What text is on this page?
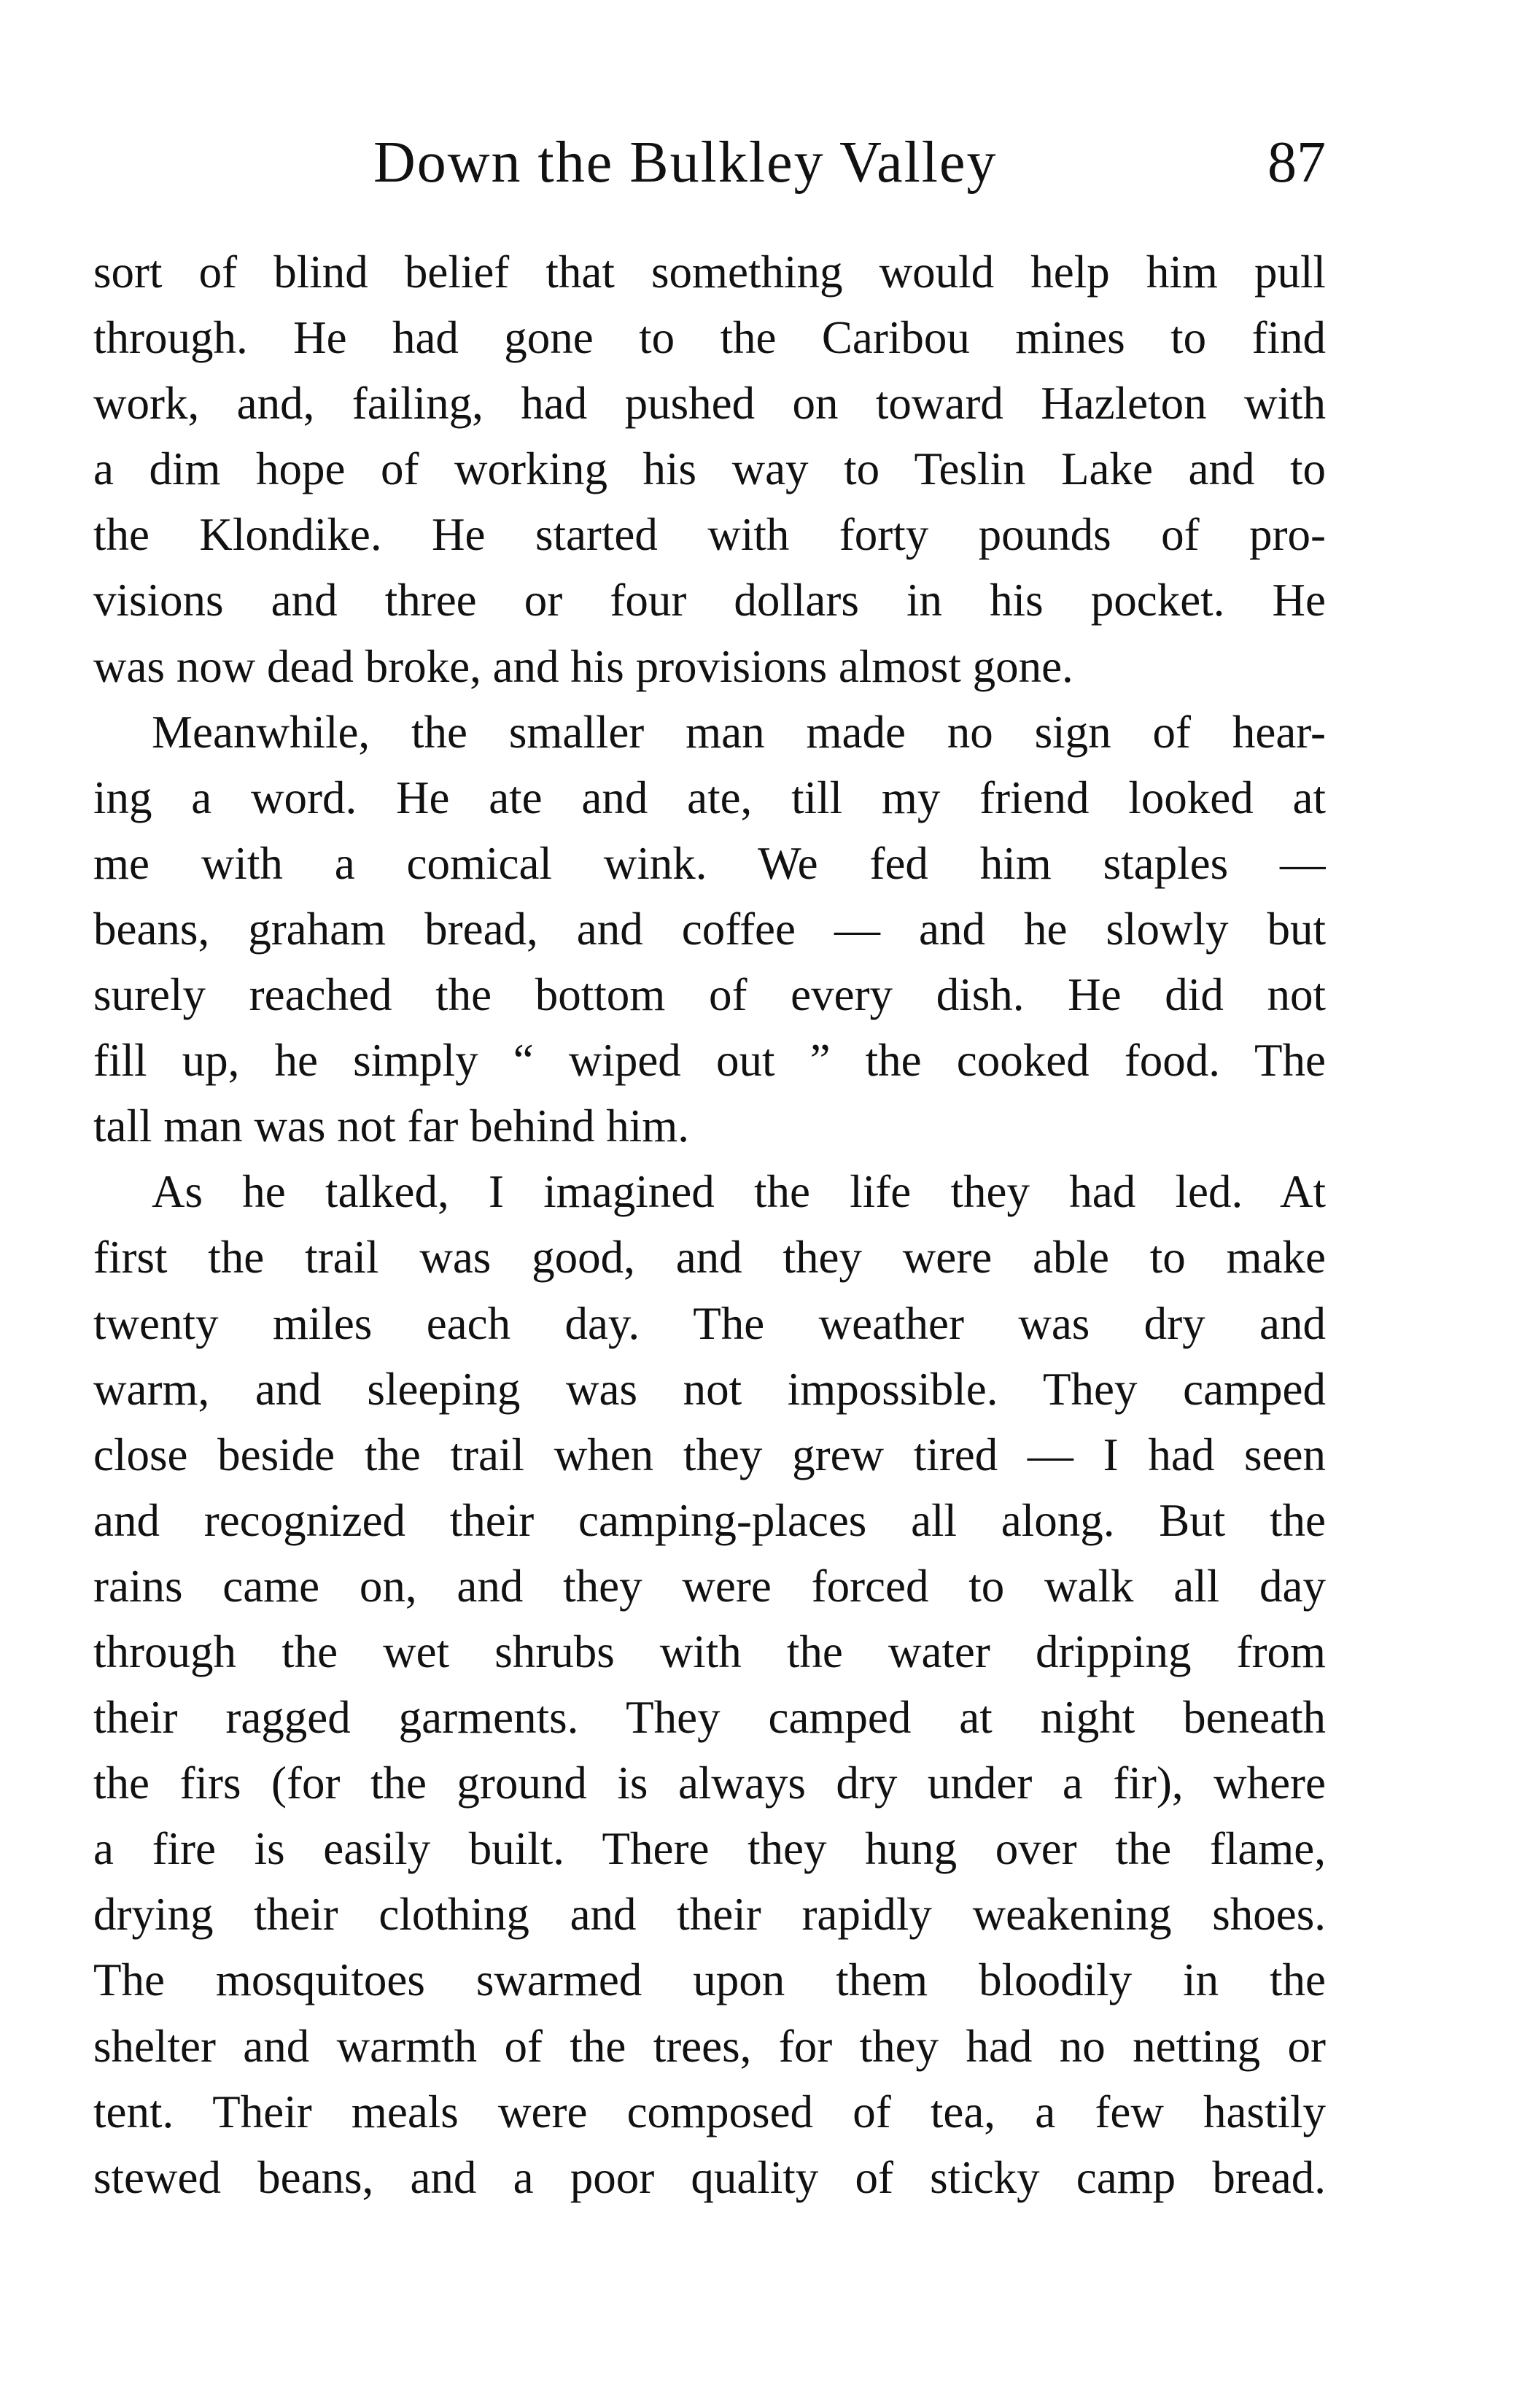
Down the Bulkley Valley	87
sort of blind belief that something would help him pull
through. He had gone to the Caribou mines to find
work, and, failing, had pushed on toward Hazleton with
a dim hope of working his way to Teslin Lake and to
the Klondike. He started with forty pounds of pro-
visions and three or four dollars in his pocket. He
was now dead broke, and his provisions almost gone.
Meanwhile, the smaller man made no sign of hear-
ing a word. He ate and ate, till my friend looked at
me with a comical wink. We fed him staples —
beans, graham bread, and coffee — and he slowly but
surely reached the bottom of every dish. He did not
fill up, he simply “ wiped out ” the cooked food. The
tall man was not far behind him.
As he talked, I imagined the life they had led. At
first the trail was good, and they were able to make
twenty miles each day. The weather was dry and
warm, and sleeping was not impossible. They camped
close beside the trail when they grew tired — I had seen
and recognized their camping-places all along. But the
rains came on, and they were forced to walk all day
through the wet shrubs with the water dripping from
their ragged garments. They camped at night beneath
the firs (for the ground is always dry under a fir), where
a fire is easily built. There they hung over the flame,
drying their clothing and their rapidly weakening shoes.
The mosquitoes swarmed upon them bloodily in the
shelter and warmth of the trees, for they had no netting or
tent. Their meals were composed of tea, a few hastily
stewed beans, and a poor quality of sticky camp bread.
